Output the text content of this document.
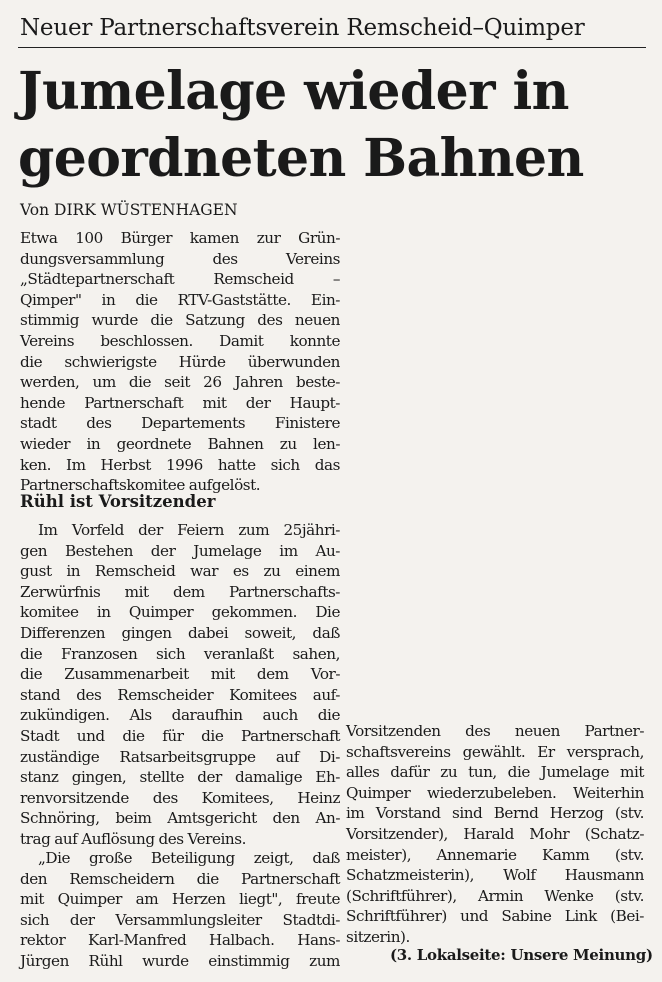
Neuer Partnerschaftsverein Remscheid–Quimper
Jumelage wieder in
geordneten Bahnen
Von DIRK WÜSTENHAGEN
Etwa 100 Bürger kamen zur Grün-
dungsversammlung des Vereins
„Städtepartnerschaft Remscheid –
Qimper" in die RTV-Gaststätte. Ein-
stimmig wurde die Satzung des neuen
Vereins beschlossen. Damit konnte
die schwierigste Hürde überwunden
werden, um die seit 26 Jahren beste-
hende Partnerschaft mit der Haupt-
stadt des Departements Finistere
wieder in geordnete Bahnen zu len-
ken. Im Herbst 1996 hatte sich das
Partnerschaftskomitee aufgelöst.
Rühl ist Vorsitzender
Im Vorfeld der Feiern zum 25jähri-
gen Bestehen der Jumelage im Au-
gust in Remscheid war es zu einem
Zerwürfnis mit dem Partnerschafts-
komitee in Quimper gekommen. Die
Differenzen gingen dabei soweit, daß
die Franzosen sich veranlaßt sahen,
die Zusammenarbeit mit dem Vor-
stand des Remscheider Komitees auf-
zukündigen. Als daraufhin auch die
Stadt und die für die Partnerschaft
zuständige Ratsarbeitsgruppe auf Di-
stanz gingen, stellte der damalige Eh-
renvorsitzende des Komitees, Heinz
Schnöring, beim Amtsgericht den An-
trag auf Auflösung des Vereins.
„Die große Beteiligung zeigt, daß
den Remscheidern die Partnerschaft
mit Quimper am Herzen liegt", freute
sich der Versammlungsleiter Stadtdi-
rektor Karl-Manfred Halbach. Hans-
Jürgen Rühl wurde einstimmig zum
Vorsitzenden des neuen Partner-
schaftsvereins gewählt. Er versprach,
alles dafür zu tun, die Jumelage mit
Quimper wiederzubeleben. Weiterhin
im Vorstand sind Bernd Herzog (stv.
Vorsitzender), Harald Mohr (Schatz-
meister), Annemarie Kamm (stv.
Schatzmeisterin), Wolf Hausmann
(Schriftführer), Armin Wenke (stv.
Schriftführer) und Sabine Link (Bei-
sitzerin).
(3. Lokalseite: Unsere Meinung)
